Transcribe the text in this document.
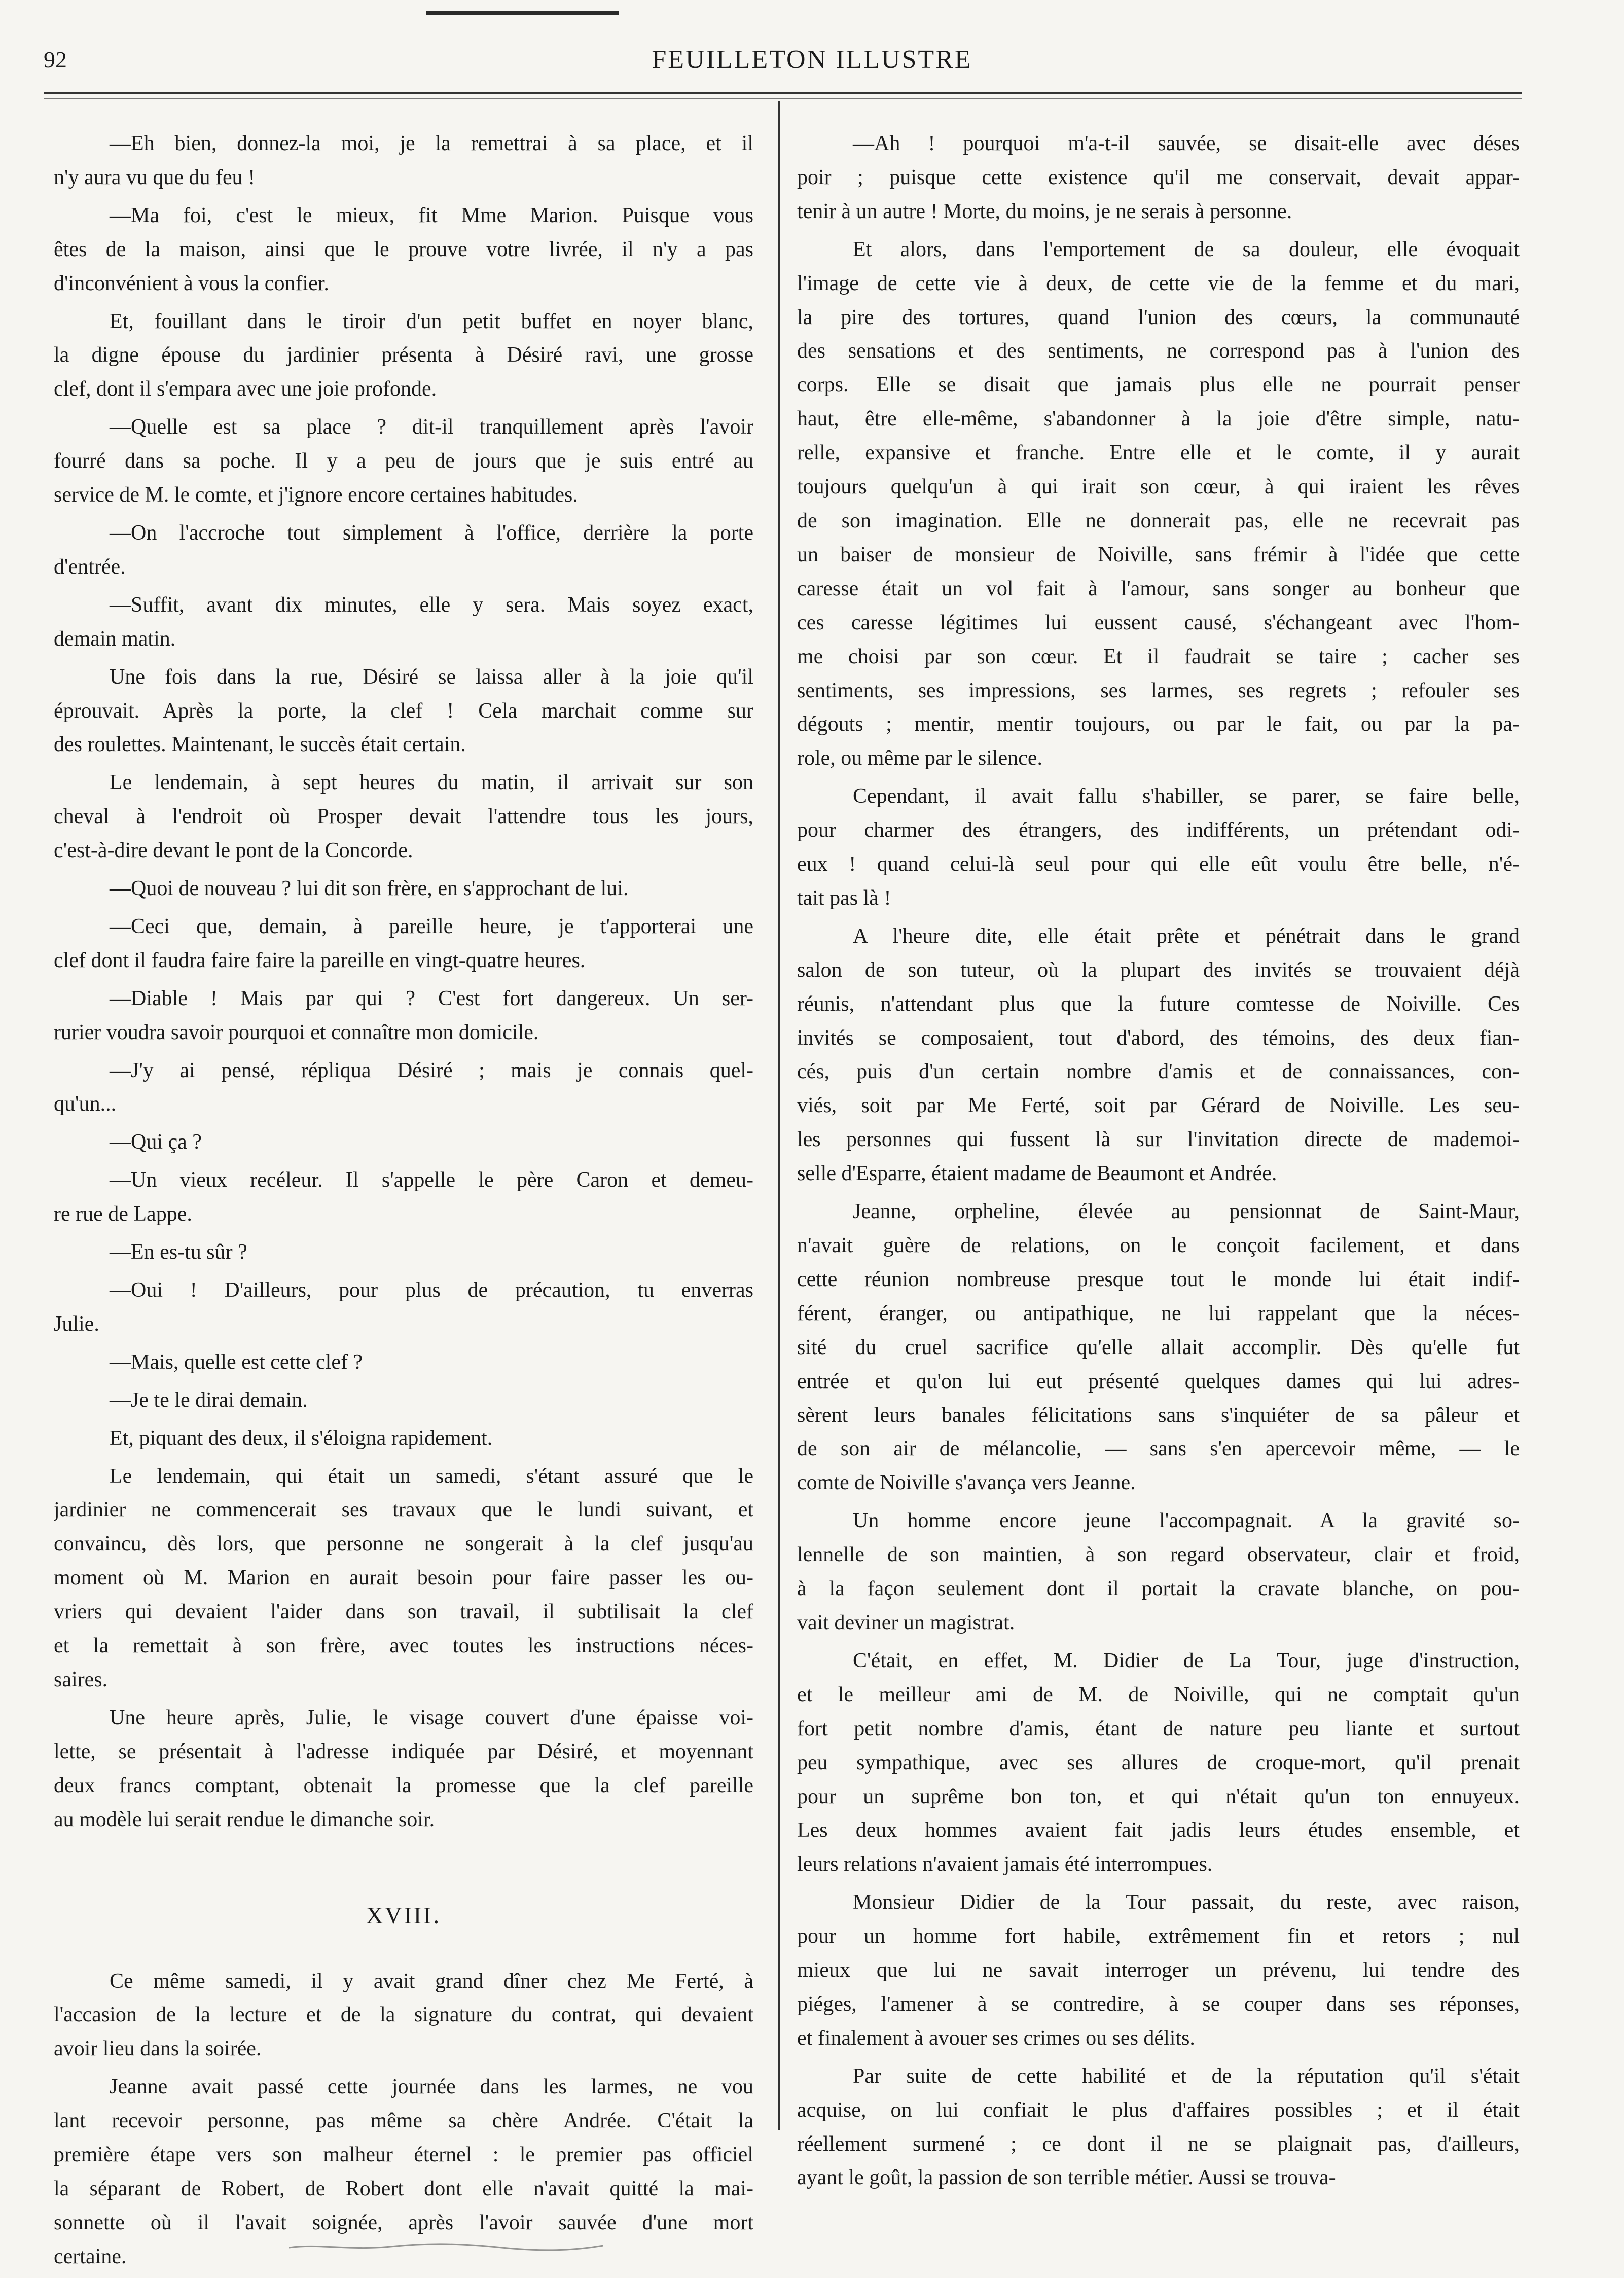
92	FEUILLETON ILLUSTRE
—Eh bien, donnez-la moi, je la remettrai à sa place, et il
n'y aura vu que du feu !
—Ma foi, c'est le mieux, fit Mme Marion. Puisque vous
êtes de la maison, ainsi que le prouve votre livrée, il n'y a pas
d'inconvénient à vous la confier.
Et, fouillant dans le tiroir d'un petit buffet en noyer blanc,
la digne épouse du jardinier présenta à Désiré ravi, une grosse
clef, dont il s'empara avec une joie profonde.
—Quelle est sa place ? dit-il tranquillement après l'avoir
fourré dans sa poche. Il y a peu de jours que je suis entré au
service de M. le comte, et j'ignore encore certaines habitudes.
—On l'accroche tout simplement à l'office, derrière la porte
d'entrée.
—Suffit, avant dix minutes, elle y sera. Mais soyez exact,
demain matin.
Une fois dans la rue, Désiré se laissa aller à la joie qu'il
éprouvait. Après la porte, la clef ! Cela marchait comme sur
des roulettes. Maintenant, le succès était certain.
Le lendemain, à sept heures du matin, il arrivait sur son
cheval à l'endroit où Prosper devait l'attendre tous les jours,
c'est-à-dire devant le pont de la Concorde.
—Quoi de nouveau ? lui dit son frère, en s'approchant de lui.
—Ceci que, demain, à pareille heure, je t'apporterai une
clef dont il faudra faire faire la pareille en vingt-quatre heures.
—Diable ! Mais par qui ? C'est fort dangereux. Un ser-
rurier voudra savoir pourquoi et connaître mon domicile.
—J'y ai pensé, répliqua Désiré ; mais je connais quel-
qu'un...
—Qui ça ?
—Un vieux recéleur. Il s'appelle le père Caron et demeu-
re rue de Lappe.
—En es-tu sûr ?
—Oui ! D'ailleurs, pour plus de précaution, tu enverras
Julie.
—Mais, quelle est cette clef ?
—Je te le dirai demain.
Et, piquant des deux, il s'éloigna rapidement.
Le lendemain, qui était un samedi, s'étant assuré que le
jardinier ne commencerait ses travaux que le lundi suivant, et
convaincu, dès lors, que personne ne songerait à la clef jusqu'au
moment où M. Marion en aurait besoin pour faire passer les ou-
vriers qui devaient l'aider dans son travail, il subtilisait la clef
et la remettait à son frère, avec toutes les instructions néces-
saires.
Une heure après, Julie, le visage couvert d'une épaisse voi-
lette, se présentait à l'adresse indiquée par Désiré, et moyennant
deux francs comptant, obtenait la promesse que la clef pareille
au modèle lui serait rendue le dimanche soir.
XVIII.
Ce même samedi, il y avait grand dîner chez Me Ferté, à
l'accasion de la lecture et de la signature du contrat, qui devaient
avoir lieu dans la soirée.
Jeanne avait passé cette journée dans les larmes, ne vou
lant recevoir personne, pas même sa chère Andrée. C'était la
première étape vers son malheur éternel : le premier pas officiel
la séparant de Robert, de Robert dont elle n'avait quitté la mai-
sonnette où il l'avait soignée, après l'avoir sauvée d'une mort
certaine.
—Ah ! pourquoi m'a-t-il sauvée, se disait-elle avec déses
poir ; puisque cette existence qu'il me conservait, devait appar-
tenir à un autre ! Morte, du moins, je ne serais à personne.
Et alors, dans l'emportement de sa douleur, elle évoquait
l'image de cette vie à deux, de cette vie de la femme et du mari,
la pire des tortures, quand l'union des cœurs, la communauté
des sensations et des sentiments, ne correspond pas à l'union des
corps. Elle se disait que jamais plus elle ne pourrait penser
haut, être elle-même, s'abandonner à la joie d'être simple, natu-
relle, expansive et franche. Entre elle et le comte, il y aurait
toujours quelqu'un à qui irait son cœur, à qui iraient les rêves
de son imagination. Elle ne donnerait pas, elle ne recevrait pas
un baiser de monsieur de Noiville, sans frémir à l'idée que cette
caresse était un vol fait à l'amour, sans songer au bonheur que
ces caresse légitimes lui eussent causé, s'échangeant avec l'hom-
me choisi par son cœur. Et il faudrait se taire ; cacher ses
sentiments, ses impressions, ses larmes, ses regrets ; refouler ses
dégouts ; mentir, mentir toujours, ou par le fait, ou par la pa-
role, ou même par le silence.
Cependant, il avait fallu s'habiller, se parer, se faire belle,
pour charmer des étrangers, des indifférents, un prétendant odi-
eux ! quand celui-là seul pour qui elle eût voulu être belle, n'é-
tait pas là !
A l'heure dite, elle était prête et pénétrait dans le grand
salon de son tuteur, où la plupart des invités se trouvaient déjà
réunis, n'attendant plus que la future comtesse de Noiville. Ces
invités se composaient, tout d'abord, des témoins, des deux fian-
cés, puis d'un certain nombre d'amis et de connaissances, con-
viés, soit par Me Ferté, soit par Gérard de Noiville. Les seu-
les personnes qui fussent là sur l'invitation directe de mademoi-
selle d'Esparre, étaient madame de Beaumont et Andrée.
Jeanne, orpheline, élevée au pensionnat de Saint-Maur,
n'avait guère de relations, on le conçoit facilement, et dans
cette réunion nombreuse presque tout le monde lui était indif-
férent, éranger, ou antipathique, ne lui rappelant que la néces-
sité du cruel sacrifice qu'elle allait accomplir. Dès qu'elle fut
entrée et qu'on lui eut présenté quelques dames qui lui adres-
sèrent leurs banales félicitations sans s'inquiéter de sa pâleur et
de son air de mélancolie, — sans s'en apercevoir même, — le
comte de Noiville s'avança vers Jeanne.
Un homme encore jeune l'accompagnait. A la gravité so-
lennelle de son maintien, à son regard observateur, clair et froid,
à la façon seulement dont il portait la cravate blanche, on pou-
vait deviner un magistrat.
C'était, en effet, M. Didier de La Tour, juge d'instruction,
et le meilleur ami de M. de Noiville, qui ne comptait qu'un
fort petit nombre d'amis, étant de nature peu liante et surtout
peu sympathique, avec ses allures de croque-mort, qu'il prenait
pour un suprême bon ton, et qui n'était qu'un ton ennuyeux.
Les deux hommes avaient fait jadis leurs études ensemble, et
leurs relations n'avaient jamais été interrompues.
Monsieur Didier de la Tour passait, du reste, avec raison,
pour un homme fort habile, extrêmement fin et retors ; nul
mieux que lui ne savait interroger un prévenu, lui tendre des
piéges, l'amener à se contredire, à se couper dans ses réponses,
et finalement à avouer ses crimes ou ses délits.
Par suite de cette habilité et de la réputation qu'il s'était
acquise, on lui confiait le plus d'affaires possibles ; et il était
réellement surmené ; ce dont il ne se plaignait pas, d'ailleurs,
ayant le goût, la passion de son terrible métier. Aussi se trouva-
